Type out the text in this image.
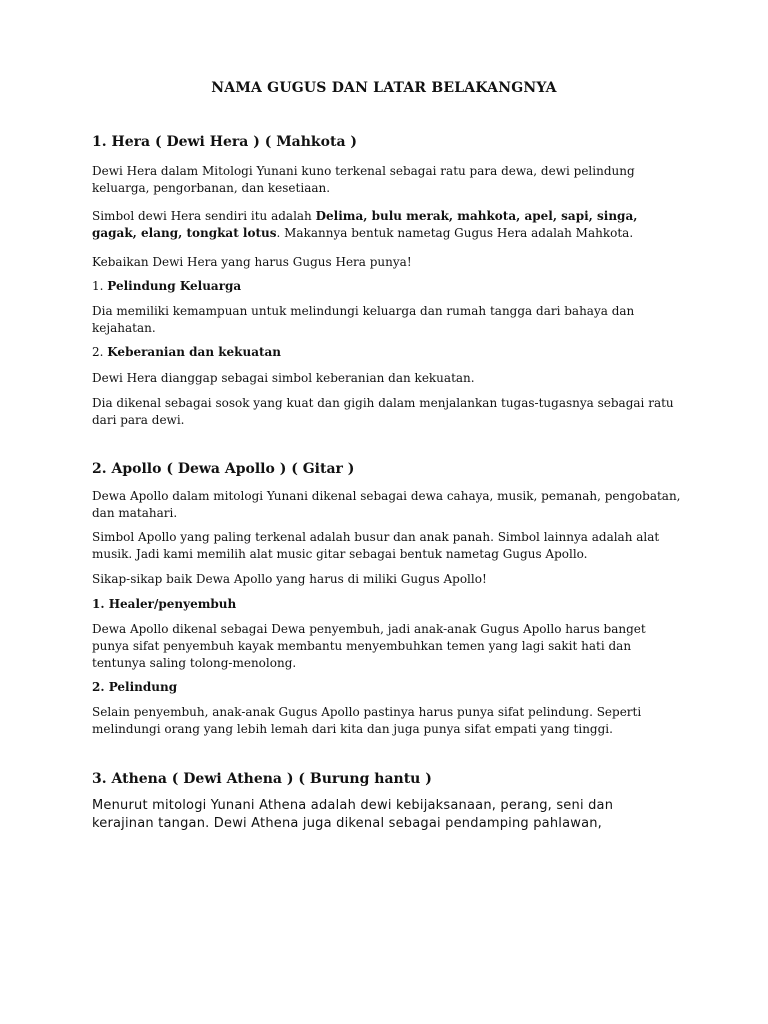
NAMA GUGUS DAN LATAR BELAKANGNYA
1. Hera ( Dewi Hera ) ( Mahkota )

Dewi Hera dalam Mitologi Yunani kuno terkenal sebagai ratu para dewa, dewi pelindung keluarga, pengorbanan, dan kesetiaan.

Simbol dewi Hera sendiri itu adalah Delima, bulu merak, mahkota, apel, sapi, singa, gagak, elang, tongkat lotus. Makannya bentuk nametag Gugus Hera adalah Mahkota.

Kebaikan Dewi Hera yang harus Gugus Hera punya!

1. Pelindung Keluarga

Dia memiliki kemampuan untuk melindungi keluarga dan rumah tangga dari bahaya dan kejahatan.

2. Keberanian dan kekuatan

Dewi Hera dianggap sebagai simbol keberanian dan kekuatan.

Dia dikenal sebagai sosok yang kuat dan gigih dalam menjalankan tugas-tugasnya sebagai ratu dari para dewi.

2. Apollo ( Dewa Apollo ) ( Gitar )

Dewa Apollo dalam mitologi Yunani dikenal sebagai dewa cahaya, musik, pemanah, pengobatan, dan matahari.

Simbol Apollo yang paling terkenal adalah busur dan anak panah. Simbol lainnya adalah alat musik. Jadi kami memilih alat music gitar sebagai bentuk nametag Gugus Apollo.

Sikap-sikap baik Dewa Apollo yang harus di miliki Gugus Apollo!

1. Healer/penyembuh

Dewa Apollo dikenal sebagai Dewa penyembuh, jadi anak-anak Gugus Apollo harus banget punya sifat penyembuh kayak membantu menyembuhkan temen yang lagi sakit hati dan tentunya saling tolong-menolong.

2. Pelindung

Selain penyembuh, anak-anak Gugus Apollo pastinya harus punya sifat pelindung. Seperti melindungi orang yang lebih lemah dari kita dan juga punya sifat empati yang tinggi.

3. Athena ( Dewi Athena ) ( Burung hantu )

Menurut mitologi Yunani Athena adalah dewi kebijaksanaan, perang, seni dan kerajinan tangan. Dewi Athena juga dikenal sebagai pendamping pahlawan,
